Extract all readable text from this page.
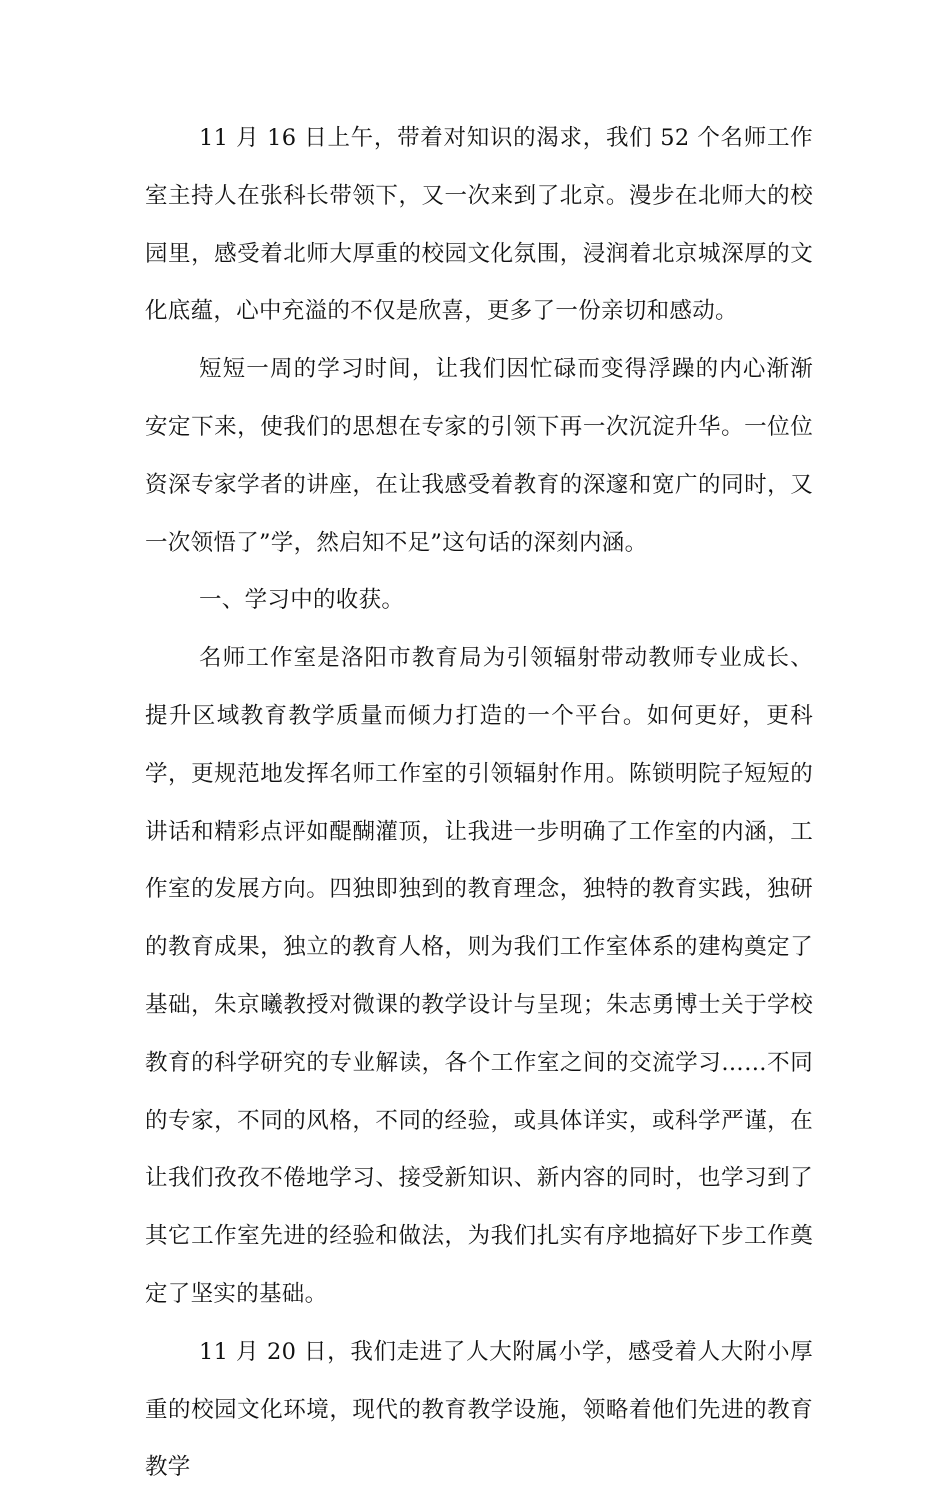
11 月 16 日上午，带着对知识的渴求，我们 52 个名师工作室主持人在张科长带领下，又一次来到了北京。漫步在北师大的校园里，感受着北师大厚重的校园文化氛围，浸润着北京城深厚的文化底蕴，心中充溢的不仅是欣喜，更多了一份亲切和感动。

短短一周的学习时间，让我们因忙碌而变得浮躁的内心渐渐安定下来，使我们的思想在专家的引领下再一次沉淀升华。一位位资深专家学者的讲座，在让我感受着教育的深邃和宽广的同时，又一次领悟了”学，然启知不足”这句话的深刻内涵。

一、学习中的收获。

名师工作室是洛阳市教育局为引领辐射带动教师专业成长、提升区域教育教学质量而倾力打造的一个平台。如何更好，更科学，更规范地发挥名师工作室的引领辐射作用。陈锁明院子短短的讲话和精彩点评如醍醐灌顶，让我进一步明确了工作室的内涵，工作室的发展方向。四独即独到的教育理念，独特的教育实践，独研的教育成果，独立的教育人格，则为我们工作室体系的建构奠定了基础，朱京曦教授对微课的教学设计与呈现；朱志勇博士关于学校教育的科学研究的专业解读，各个工作室之间的交流学习……不同的专家，不同的风格，不同的经验，或具体详实，或科学严谨，在让我们孜孜不倦地学习、接受新知识、新内容的同时，也学习到了其它工作室先进的经验和做法，为我们扎实有序地搞好下步工作奠定了坚实的基础。

11 月 20 日，我们走进了人大附属小学，感受着人大附小厚重的校园文化环境，现代的教育教学设施，领略着他们先进的教育教学
